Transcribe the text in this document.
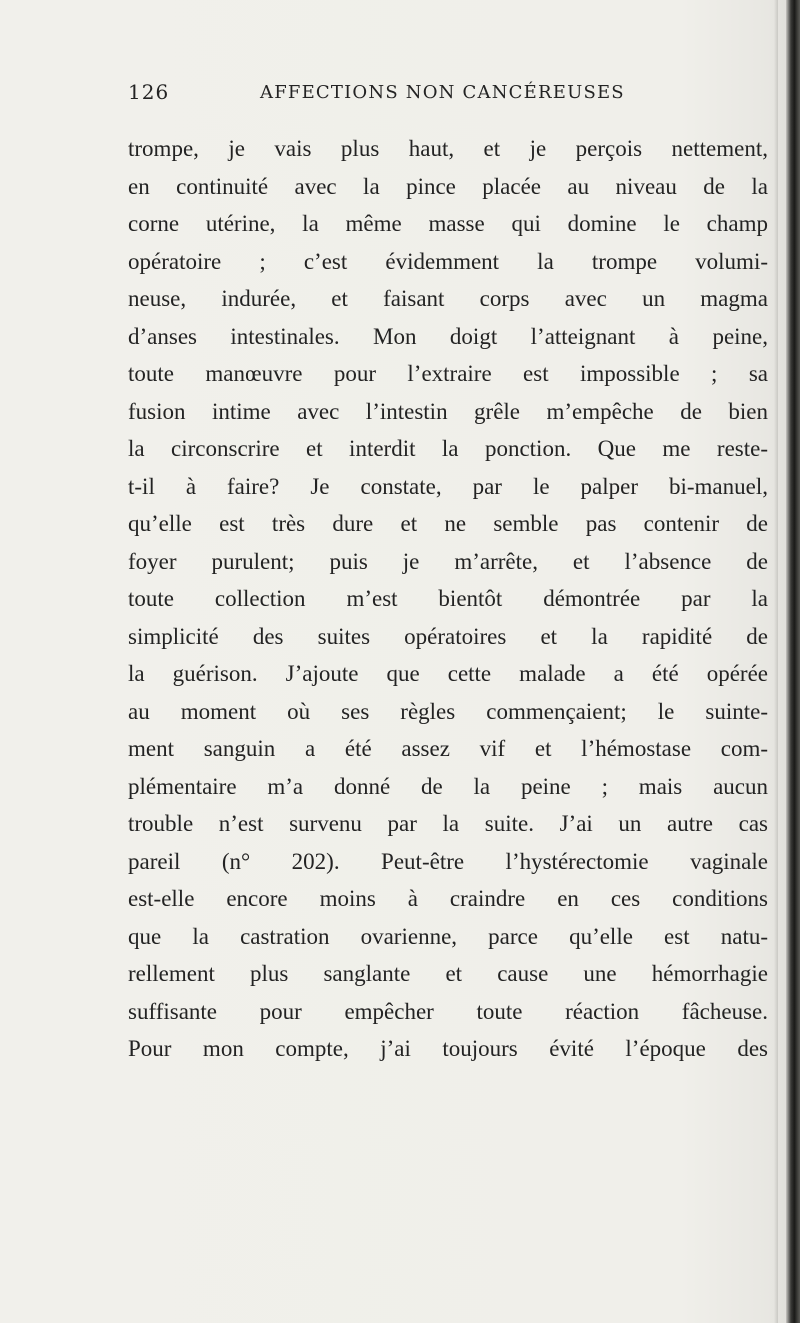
126	AFFECTIONS NON CANCÉREUSES
trompe, je vais plus haut, et je perçois nettement,
en continuité avec la pince placée au niveau de la
corne utérine, la même masse qui domine le champ
opératoire ; c’est évidemment la trompe volumi-
neuse, indurée, et faisant corps avec un magma
d’anses intestinales. Mon doigt l’atteignant à peine,
toute manœuvre pour l’extraire est impossible ; sa
fusion intime avec l’intestin grêle m’empêche de bien
la circonscrire et interdit la ponction. Que me reste-
t-il à faire? Je constate, par le palper bi-manuel,
qu’elle est très dure et ne semble pas contenir de
foyer purulent; puis je m’arrête, et l’absence de
toute collection m’est bientôt démontrée par la
simplicité des suites opératoires et la rapidité de
la guérison. J’ajoute que cette malade a été opérée
au moment où ses règles commençaient; le suinte-
ment sanguin a été assez vif et l’hémostase com-
plémentaire m’a donné de la peine ; mais aucun
trouble n’est survenu par la suite. J’ai un autre cas
pareil (n° 202). Peut-être l’hystérectomie vaginale
est-elle encore moins à craindre en ces conditions
que la castration ovarienne, parce qu’elle est natu-
rellement plus sanglante et cause une hémorrhagie
suffisante pour empêcher toute réaction fâcheuse.
Pour mon compte, j’ai toujours évité l’époque des
